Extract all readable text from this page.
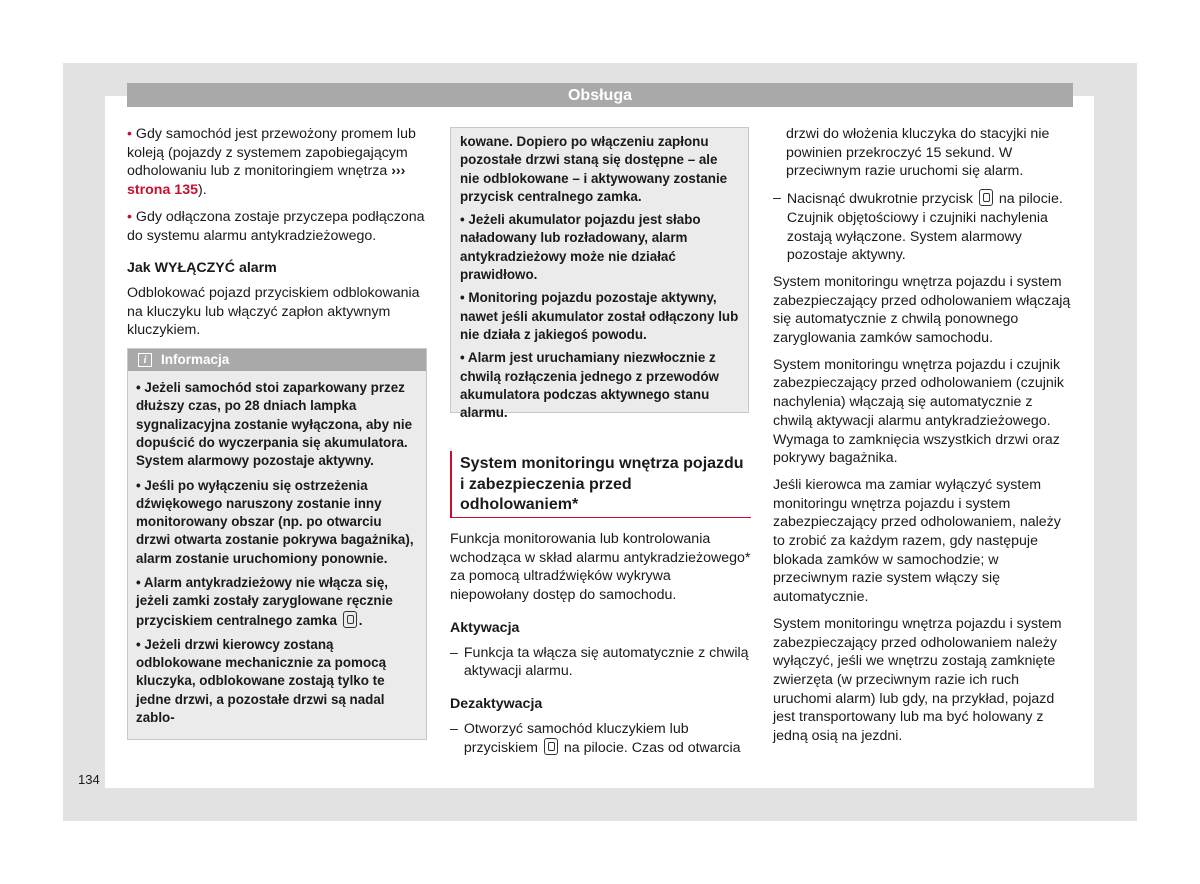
Obsługa

• Gdy samochód jest przewożony promem lub koleją (pojazdy z systemem zapobiegającym odholowaniu lub z monitoringiem wnętrza ››› strona 135).

• Gdy odłączona zostaje przyczepa podłączona do systemu alarmu antykradzieżowego.

Jak WYŁĄCZYĆ alarm

Odblokować pojazd przyciskiem odblokowania na kluczyku lub włączyć zapłon aktywnym kluczykiem.

i	Informacja

• Jeżeli samochód stoi zaparkowany przez dłuższy czas, po 28 dniach lampka sygnalizacyjna zostanie wyłączona, aby nie dopuścić do wyczerpania się akumulatora. System alarmowy pozostaje aktywny.

• Jeśli po wyłączeniu się ostrzeżenia dźwiękowego naruszony zostanie inny monitorowany obszar (np. po otwarciu drzwi otwarta zostanie pokrywa bagażnika), alarm zostanie uruchomiony ponownie.

• Alarm antykradzieżowy nie włącza się, jeżeli zamki zostały zaryglowane ręcznie przyciskiem centralnego zamka .

• Jeżeli drzwi kierowcy zostaną odblokowane mechanicznie za pomocą kluczyka, odblokowane zostają tylko te jedne drzwi, a pozostałe drzwi są nadal zablo-

kowane. Dopiero po włączeniu zapłonu pozostałe drzwi staną się dostępne – ale nie odblokowane – i aktywowany zostanie przycisk centralnego zamka.

• Jeżeli akumulator pojazdu jest słabo naładowany lub rozładowany, alarm antykradzieżowy może nie działać prawidłowo.

• Monitoring pojazdu pozostaje aktywny, nawet jeśli akumulator został odłączony lub nie działa z jakiegoś powodu.

• Alarm jest uruchamiany niezwłocznie z chwilą rozłączenia jednego z przewodów akumulatora podczas aktywnego stanu alarmu.

System monitoringu wnętrza pojazdu i zabezpieczenia przed odholowaniem*

Funkcja monitorowania lub kontrolowania wchodząca w skład alarmu antykradzieżowego* za pomocą ultradźwięków wykrywa niepowołany dostęp do samochodu.

Aktywacja

– Funkcja ta włącza się automatycznie z chwilą aktywacji alarmu.

Dezaktywacja

– Otworzyć samochód kluczykiem lub przyciskiem na pilocie. Czas od otwarcia

drzwi do włożenia kluczyka do stacyjki nie powinien przekroczyć 15 sekund. W przeciwnym razie uruchomi się alarm.

– Nacisnąć dwukrotnie przycisk na pilocie. Czujnik objętościowy i czujniki nachylenia zostają wyłączone. System alarmowy pozostaje aktywny.

System monitoringu wnętrza pojazdu i system zabezpieczający przed odholowaniem włączają się automatycznie z chwilą ponownego zaryglowania zamków samochodu.

System monitoringu wnętrza pojazdu i czujnik zabezpieczający przed odholowaniem (czujnik nachylenia) włączają się automatycznie z chwilą aktywacji alarmu antykradzieżowego. Wymaga to zamknięcia wszystkich drzwi oraz pokrywy bagażnika.

Jeśli kierowca ma zamiar wyłączyć system monitoringu wnętrza pojazdu i system zabezpieczający przed odholowaniem, należy to zrobić za każdym razem, gdy następuje blokada zamków w samochodzie; w przeciwnym razie system włączy się automatycznie.

System monitoringu wnętrza pojazdu i system zabezpieczający przed odholowaniem należy wyłączyć, jeśli we wnętrzu zostają zamknięte zwierzęta (w przeciwnym razie ich ruch uruchomi alarm) lub gdy, na przykład, pojazd jest transportowany lub ma być holowany z jedną osią na jezdni.

134
